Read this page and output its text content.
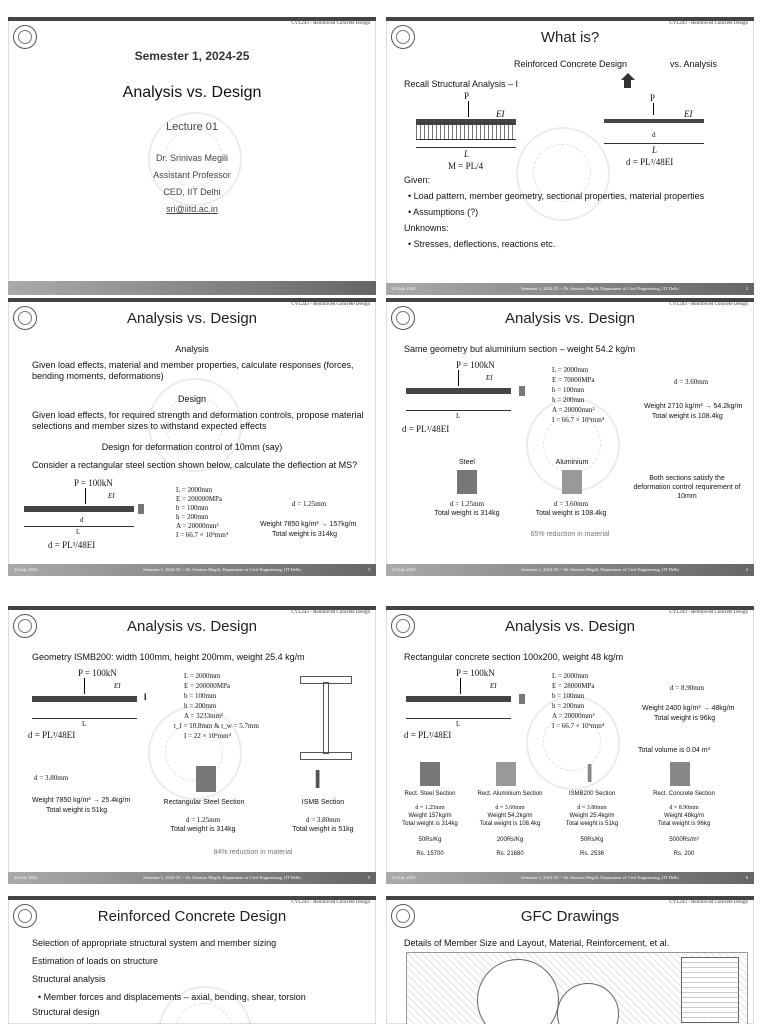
CVL243 - Reinforced Concrete Design
Semester 1, 2024-25
Analysis vs. Design
Lecture 01
Dr. Srinivas Megili
Assistant Professor
CED, IIT Delhi
sri@iitd.ac.in
CVL243 - Reinforced Concrete Design
What is?
Reinforced Concrete Design	vs. Analysis
Recall Structural Analysis – I
P
EI
L
M = PL/4
P
EI
d
L
d = PL³/48EI
Given:
• Load pattern, member geometry, sectional properties, material properties
• Assumptions (?)
Unknowns:
• Stresses, deflections, reactions etc.
23 July 2024	Semester 1, 2024-25 -- Dr. Srinivas Megili, Department of Civil Engineering, IIT Delhi	2
CVL243 - Reinforced Concrete Design
Analysis vs. Design
Analysis
Given load effects, material and member properties, calculate responses (forces, bending moments, deformations)
Design
Given load effects, for required strength and deformation controls, propose material selections and member sizes to withstand expected effects
Design for deformation control of 10mm (say)
Consider a rectangular steel section shown below, calculate the deflection at MS?
P = 100kN
EI
d
L
d = PL³/48EI
L = 2000mm
E = 200000MPa
b = 100mm
h = 200mm
A = 20000mm²
I = 66.7 × 10⁶mm⁴
d = 1.25mm
Weight 7850 kg/m³ → 157kg/m
Total weight is 314kg
23 July 2024	Semester 1, 2024-25 -- Dr. Srinivas Megili, Department of Civil Engineering, IIT Delhi	3
CVL243 - Reinforced Concrete Design
Analysis vs. Design
Same geometry but aluminium section – weight 54.2 kg/m
P = 100kN
EI
L
d = PL³/48EI
L = 2000mm
E = 70000MPa
b = 100mm
h = 200mm
A = 20000mm²
I = 66.7 × 10⁶mm⁴
d = 3.60mm
Weight 2710 kg/m³ → 54.2kg/m
Total weight is 108.4kg
Steel
d = 1.25mm
Total weight is 314kg
Aluminium
d = 3.60mm
Total weight is 108.4kg
Both sections satisfy the deformation control requirement of 10mm
65% reduction in material
23 July 2024	Semester 1, 2024-25 -- Dr. Srinivas Megili, Department of Civil Engineering, IIT Delhi	4
CVL243 - Reinforced Concrete Design
Analysis vs. Design
Geometry ISMB200: width 100mm, height 200mm, weight 25.4 kg/m
P = 100kN
EI
I
L
d = PL³/48EI
L = 2000mm
E = 200000MPa
b = 100mm
h = 200mm
A = 3233mm²
t_f = 10.8mm & t_w = 5.7mm
I = 22 × 10⁶mm⁴
d = 3.80mm
Weight 7850 kg/m³ → 25.4kg/m
Total weight is 51kg
Rectangular Steel Section
I
ISMB Section
d = 1.25mm
Total weight is 314kg
d = 3.80mm
Total weight is 51kg
84% reduction in material
23 July 2024	Semester 1, 2024-25 -- Dr. Srinivas Megili, Department of Civil Engineering, IIT Delhi	5
CVL243 - Reinforced Concrete Design
Analysis vs. Design
Rectangular concrete section 100x200, weight 48 kg/m
P = 100kN
EI
L
d = PL³/48EI
L = 2000mm
E = 28000MPa
b = 100mm
h = 200mm
A = 20000mm²
I = 66.7 × 10⁶mm⁴
d = 8.90mm
Weight 2400 kg/m³ → 48kg/m
Total weight is 96kg
Total volume is 0.04 m³
I
Rect. Steel Section
d = 1.25mm
Weight 157kg/m
Total weight is 314kg
50Rs/Kg
Rs. 15700
Rect. Aluminium Section
d = 3.60mm
Weight 54.2kg/m
Total weight is 108.4kg
200Rs/Kg
Rs. 21680
ISMB200 Section
d = 3.80mm
Weight 25.4kg/m
Total weight is 51kg
50Rs/Kg
Rs. 2536
Rect. Concrete Section
d = 8.90mm
Weight 48kg/m
Total weight is 96kg
5000Rs/m³
Rs. 200
23 July 2024	Semester 1, 2024-25 -- Dr. Srinivas Megili, Department of Civil Engineering, IIT Delhi	6
CVL243 - Reinforced Concrete Design
Reinforced Concrete Design
Selection of appropriate structural system and member sizing
Estimation of loads on structure
Structural analysis
• Member forces and displacements – axial, bending, shear, torsion
Structural design
CVL243 - Reinforced Concrete Design
GFC Drawings
Details of Member Size and Layout, Material, Reinforcement, et al.
